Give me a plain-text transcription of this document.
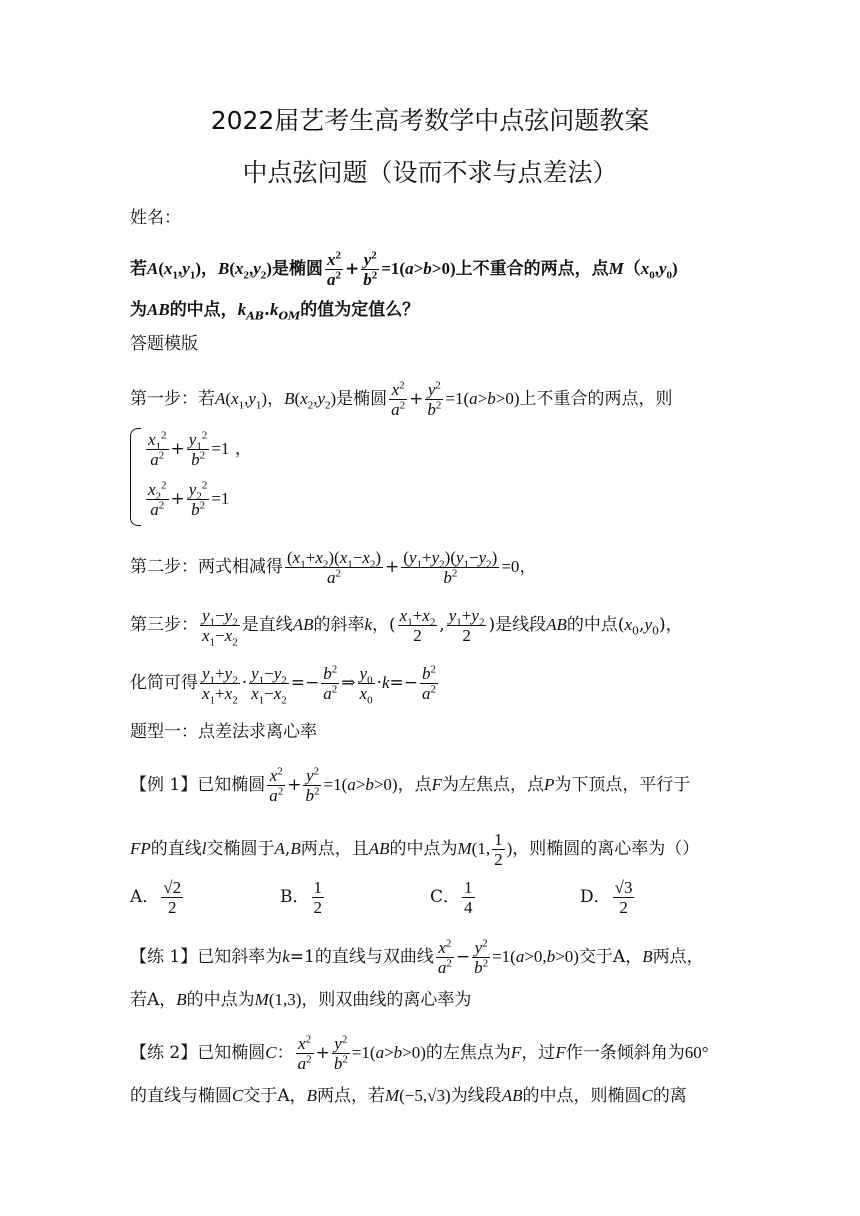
2022届艺考生高考数学中点弦问题教案
中点弦问题（设而不求与点差法）
姓名：
若$A(x_1,y_1)$，$B(x_2,y_2)$是椭圆 $\frac{x^2}{a^2} + \frac{y^2}{b^2} =1(a>b>0)$上不重合的两点，点$M(x_0,y_0)$
为AB的中点，$k_{AB}.k_{OM}$的值为定值么？
答题模版
第一步：若$A(x_1,y_1)$，$B(x_2,y_2)$是椭圆 $\frac{x^2}{a^2} + \frac{y^2}{b^2} =1(a>b>0)$上不重合的两点，则
$\frac{x_1^2}{a^2} + \frac{y_1^2}{b^2} =1$ ，
$\frac{x_2^2}{a^2} + \frac{y_2^2}{b^2} =1$
第二步：两式相减得 $\frac{(x_1+x_2)(x_1-x_2)}{a^2} + \frac{(y_1+y_2)(y_1-y_2)}{b^2} =0$，
第三步： $\frac{y_1-y_2}{x_1-x_2}$ 是直线AB的斜率k，( $\frac{x_1+x_2}{2}$ , $\frac{y_1+y_2}{2}$ )是线段AB的中点$(x_0,y_0)$，
化简可得 $\frac{y_1+y_2}{x_1+x_2} \cdot \frac{y_1-y_2}{x_1-x_2} =- \frac{b^2}{a^2}$ ⇒ $\frac{y_0}{x_0} \cdot k=- \frac{b^2}{a^2}$
题型一：点差法求离心率
【例 1】已知椭圆 $\frac{x^2}{a^2} + \frac{y^2}{b^2} =1(a>b>0)$，点F为左焦点，点P为下顶点，平行于
FP的直线l交椭圆于A,B两点，且AB的中点为M(1, $\frac{1}{2}$ )，则椭圆的离心率为（）
A． $\frac{√2}{2}$	B． $\frac{1}{2}$	C． $\frac{1}{4}$	D． $\frac{√3}{2}$
【练 1】已知斜率为k=1的直线与双曲线 $\frac{x^2}{a^2} - \frac{y^2}{b^2} =1(a>0,b>0)$交于A，B两点，
若A，B的中点为M(1,3)，则双曲线的离心率为
【练 2】已知椭圆C： $\frac{x^2}{a^2} + \frac{y^2}{b^2} =1(a>b>0)$的左焦点为F，过F作一条倾斜角为60°
的直线与椭圆C交于A，B两点，若M(−5,√3)为线段AB的中点，则椭圆C的离
